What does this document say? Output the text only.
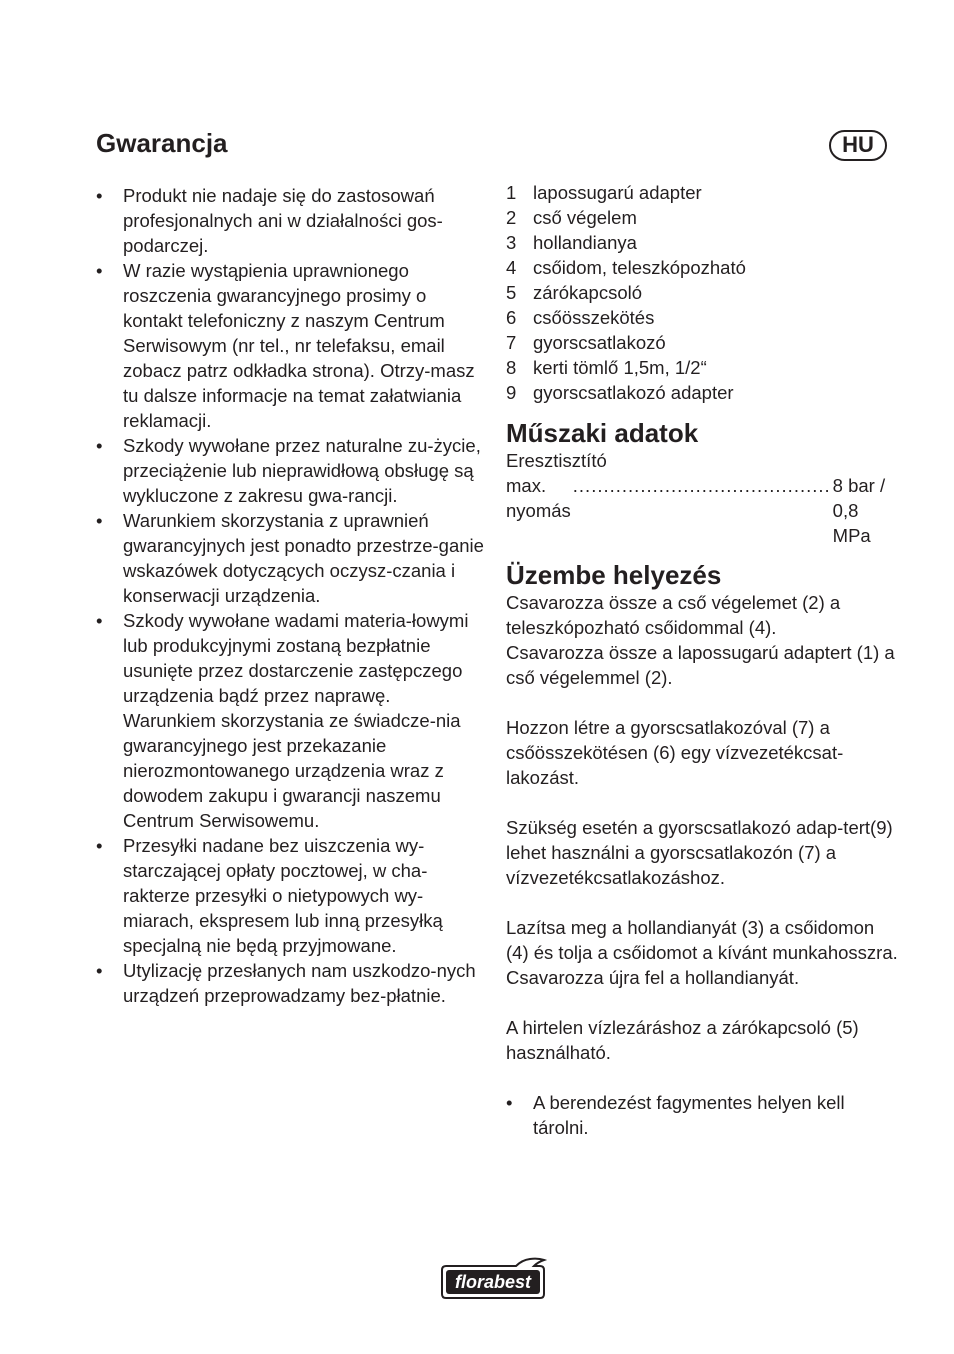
Gwarancja
• Produkt nie nadaje się do zastosowań profesjonalnych ani w działalności gos-podarczej.
• W razie wystąpienia uprawnionego roszczenia gwarancyjnego prosimy o kontakt telefoniczny z naszym Centrum Serwisowym (nr tel., nr telefaksu, email zobacz patrz odkładka strona). Otrzy-masz tu dalsze informacje na temat załatwiania reklamacji.
• Szkody wywołane przez naturalne zu-życie, przeciążenie lub nieprawidłową obsługę są wykluczone z zakresu gwa-rancji.
• Warunkiem skorzystania z uprawnień gwarancyjnych jest ponadto przestrze-ganie wskazówek dotyczących oczysz-czania i konserwacji urządzenia.
• Szkody wywołane wadami materia-łowymi lub produkcyjnymi zostaną bezpłatnie usunięte przez dostarczenie zastępczego urządzenia bądź przez naprawę.
Warunkiem skorzystania ze świadcze-nia gwarancyjnego jest przekazanie nierozmontowanego urządzenia wraz z dowodem zakupu i gwarancji naszemu Centrum Serwisowemu.
• Przesyłki nadane bez uiszczenia wy-starczającej opłaty pocztowej, w cha-rakterze przesyłki o nietypowych wy-miarach, ekspresem lub inną przesyłką specjalną nie będą przyjmowane.
• Utylizację przesłanych nam uszkodzo-nych urządzeń przeprowadzamy bez-płatnie.
HU
1 lapossugarú adapter
2 cső végelem
3 hollandianya
4 csőidom, teleszkópozható
5 zárókapcsoló
6 csőösszekötés
7 gyorscsatlakozó
8 kerti tömlő 1,5m, 1/2“
9 gyorscsatlakozó adapter
Műszaki adatok
Eresztisztító
max. nyomás
.......................................... 8 bar / 0,8 MPa
Üzembe helyezés
Csavarozza össze a cső végelemet (2) a teleszkópozható csőidommal (4).
Csavarozza össze a lapossugarú adaptert (1) a cső végelemmel (2).
Hozzon létre a gyorscsatlakozóval (7) a csőösszekötésen (6) egy vízvezetékcsat-lakozást.
Szükség esetén a gyorscsatlakozó adap-tert(9) lehet használni a gyorscsatlakozón (7) a vízvezetékcsatlakozáshoz.
Lazítsa meg a hollandianyát (3) a csőidomon (4) és tolja a csőidomot a kívánt munkahosszra.
Csavarozza újra fel a hollandianyát.
A hirtelen vízlezáráshoz a zárókapcsoló (5) használható.
• A berendezést fagymentes helyen kell tárolni.
florabest
